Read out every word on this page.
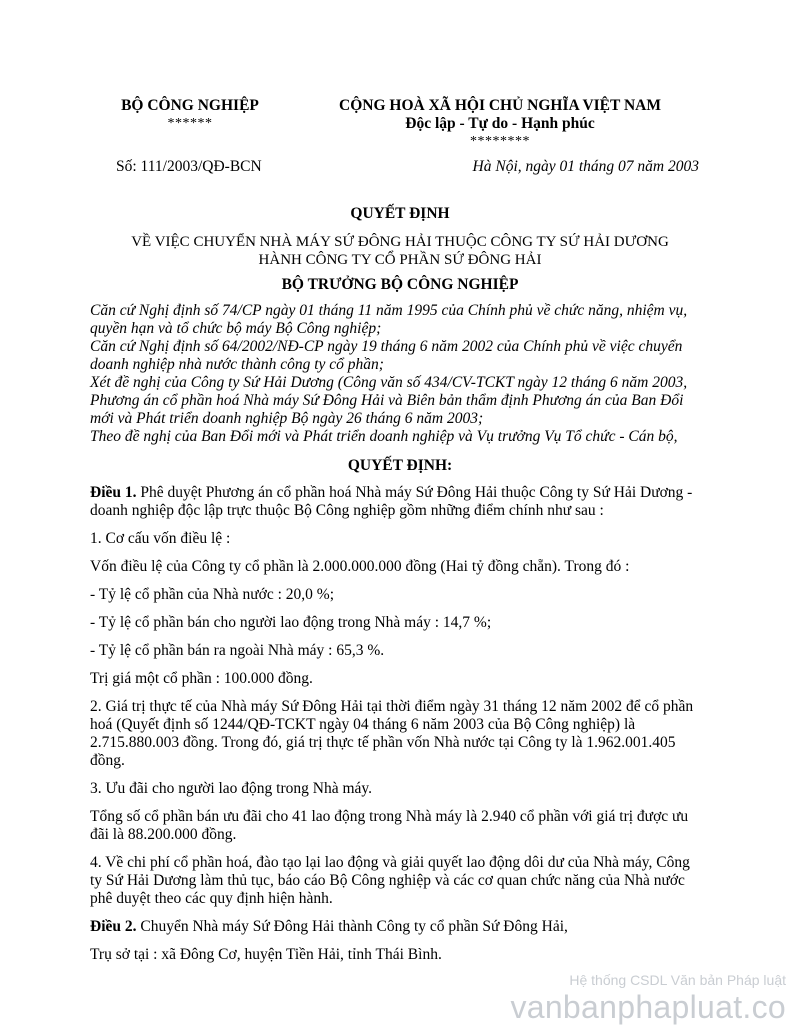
BỘ CÔNG NGHIỆP
******
CỘNG HOÀ XÃ HỘI CHỦ NGHĨA VIỆT NAM
Độc lập - Tự do - Hạnh phúc
********
Số: 111/2003/QĐ-BCN	Hà Nội, ngày 01 tháng 07 năm 2003
QUYẾT ĐỊNH
VỀ VIỆC CHUYỂN NHÀ MÁY SỨ ĐÔNG HẢI THUỘC CÔNG TY SỨ HẢI DƯƠNG
HÀNH CÔNG TY CỔ PHẦN SỨ ĐÔNG HẢI
BỘ TRƯỞNG BỘ CÔNG NGHIỆP

Căn cứ Nghị định số 74/CP ngày 01 tháng 11 năm 1995 của Chính phủ về chức năng, nhiệm vụ,

quyền hạn và tổ chức bộ máy Bộ Công nghiệp;

Căn cứ Nghị định số 64/2002/NĐ-CP ngày 19 tháng 6 năm 2002 của Chính phủ về việc chuyển

doanh nghiệp nhà nước thành công ty cổ phần;

Xét đề nghị của Công ty Sứ Hải Dương (Công văn số 434/CV-TCKT ngày 12 tháng 6 năm 2003,

Phương án cổ phần hoá Nhà máy Sứ Đông Hải và Biên bản thẩm định Phương án của Ban Đổi

mới và Phát triển doanh nghiệp Bộ ngày 26 tháng 6 năm 2003;

Theo đề nghị của Ban Đổi mới và Phát triển doanh nghiệp và Vụ trưởng Vụ Tổ chức - Cán bộ,

QUYẾT ĐỊNH:

Điều 1. Phê duyệt Phương án cổ phần hoá Nhà máy Sứ Đông Hải thuộc Công ty Sứ Hải Dương -

doanh nghiệp độc lập trực thuộc Bộ Công nghiệp gồm những điểm chính như sau :

1. Cơ cấu vốn điều lệ :

Vốn điều lệ của Công ty cổ phần là 2.000.000.000 đồng (Hai tỷ đồng chẵn). Trong đó :

- Tỷ lệ cổ phần của Nhà nước : 20,0 %;

- Tỷ lệ cổ phần bán cho người lao động trong Nhà máy : 14,7 %;

- Tỷ lệ cổ phần bán ra ngoài Nhà máy : 65,3 %.

Trị giá một cổ phần : 100.000 đồng.

2. Giá trị thực tế của Nhà máy Sứ Đông Hải tại thời điểm ngày 31 tháng 12 năm 2002 để cổ phần

hoá (Quyết định số 1244/QĐ-TCKT ngày 04 tháng 6 năm 2003 của Bộ Công nghiệp) là

2.715.880.003 đồng. Trong đó, giá trị thực tế phần vốn Nhà nước tại Công ty là 1.962.001.405

đồng.

3. Ưu đãi cho người lao động trong Nhà máy.

Tổng số cổ phần bán ưu đãi cho 41 lao động trong Nhà máy là 2.940 cổ phần với giá trị được ưu

đãi là 88.200.000 đồng.

4. Về chi phí cổ phần hoá, đào tạo lại lao động và giải quyết lao động dôi dư của Nhà máy, Công

ty Sứ Hải Dương làm thủ tục, báo cáo Bộ Công nghiệp và các cơ quan chức năng của Nhà nước

phê duyệt theo các quy định hiện hành.

Điều 2. Chuyển Nhà máy Sứ Đông Hải thành Công ty cổ phần Sứ Đông Hải,

Trụ sở tại : xã Đông Cơ, huyện Tiền Hải, tỉnh Thái Bình.

Hệ thống CSDL Văn bản Pháp luật
vanbanphapluat.co
